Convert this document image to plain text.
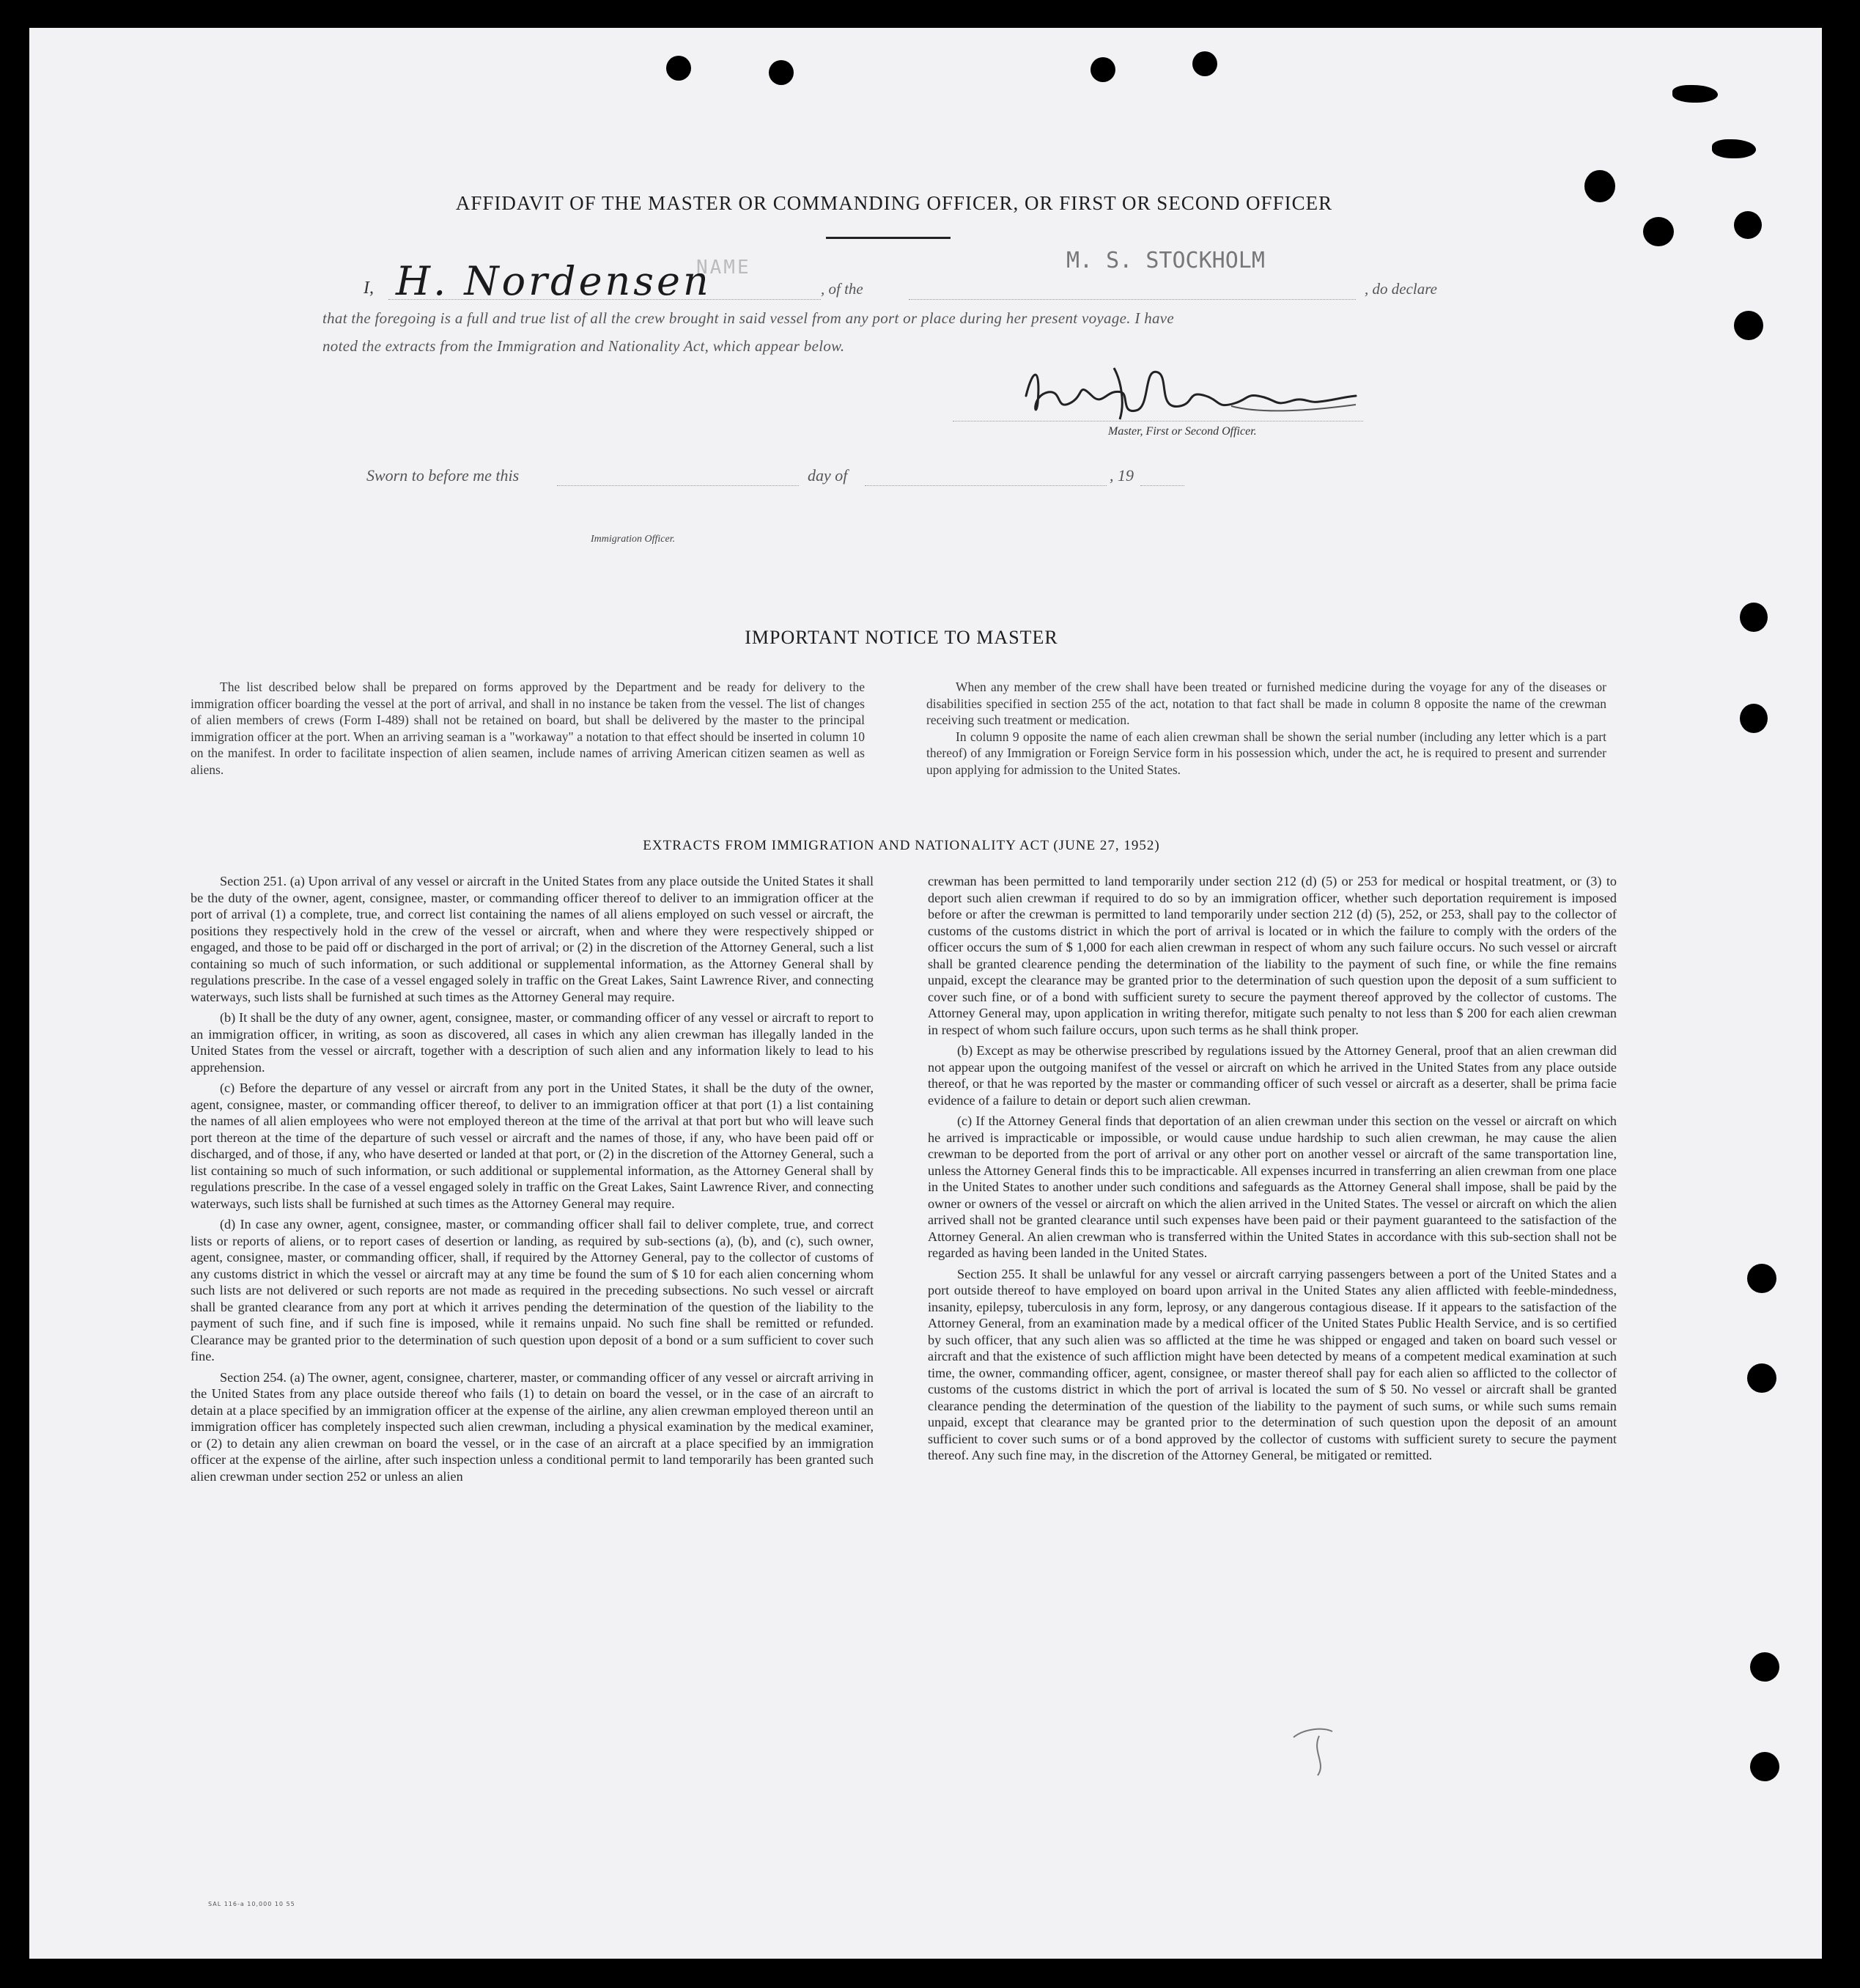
AFFIDAVIT OF THE MASTER OR COMMANDING OFFICER, OR FIRST OR SECOND OFFICER
I, H. Nordensen
NAME
, of the
M. S. STOCKHOLM
, do declare
that the foregoing is a full and true list of all the crew brought in said vessel from any port or place during her present voyage. I have
noted the extracts from the Immigration and Nationality Act, which appear below.
Master, First or Second Officer.
Sworn to before me this	day of	, 19
Immigration Officer.
IMPORTANT NOTICE TO MASTER

The list described below shall be prepared on forms approved by the Department and be ready for delivery to the immigration officer boarding the vessel at the port of arrival, and shall in no instance be taken from the vessel. The list of changes of alien members of crews (Form I-489) shall not be retained on board, but shall be delivered by the master to the principal immigration officer at the port. When an arriving seaman is a "workaway" a notation to that effect should be inserted in column 10 on the manifest. In order to facilitate inspection of alien seamen, include names of arriving American citizen seamen as well as aliens.

When any member of the crew shall have been treated or furnished medicine during the voyage for any of the diseases or disabilities specified in section 255 of the act, notation to that fact shall be made in column 8 opposite the name of the crewman receiving such treatment or medication.

In column 9 opposite the name of each alien crewman shall be shown the serial number (including any letter which is a part thereof) of any Immigration or Foreign Service form in his possession which, under the act, he is required to present and surrender upon applying for admission to the United States.

EXTRACTS FROM IMMIGRATION AND NATIONALITY ACT (JUNE 27, 1952)

Section 251. (a) Upon arrival of any vessel or aircraft in the United States from any place outside the United States it shall be the duty of the owner, agent, consignee, master, or commanding officer thereof to deliver to an immigration officer at the port of arrival (1) a complete, true, and correct list containing the names of all aliens employed on such vessel or aircraft, the positions they respectively hold in the crew of the vessel or aircraft, when and where they were respectively shipped or engaged, and those to be paid off or discharged in the port of arrival; or (2) in the discretion of the Attorney General, such a list containing so much of such information, or such additional or supplemental information, as the Attorney General shall by regulations prescribe. In the case of a vessel engaged solely in traffic on the Great Lakes, Saint Lawrence River, and connecting waterways, such lists shall be furnished at such times as the Attorney General may require.

(b) It shall be the duty of any owner, agent, consignee, master, or commanding officer of any vessel or aircraft to report to an immigration officer, in writing, as soon as discovered, all cases in which any alien crewman has illegally landed in the United States from the vessel or aircraft, together with a description of such alien and any information likely to lead to his apprehension.

(c) Before the departure of any vessel or aircraft from any port in the United States, it shall be the duty of the owner, agent, consignee, master, or commanding officer thereof, to deliver to an immigration officer at that port (1) a list containing the names of all alien employees who were not employed thereon at the time of the arrival at that port but who will leave such port thereon at the time of the departure of such vessel or aircraft and the names of those, if any, who have been paid off or discharged, and of those, if any, who have deserted or landed at that port, or (2) in the discretion of the Attorney General, such a list containing so much of such information, or such additional or supplemental information, as the Attorney General shall by regulations prescribe. In the case of a vessel engaged solely in traffic on the Great Lakes, Saint Lawrence River, and connecting waterways, such lists shall be furnished at such times as the Attorney General may require.

(d) In case any owner, agent, consignee, master, or commanding officer shall fail to deliver complete, true, and correct lists or reports of aliens, or to report cases of desertion or landing, as required by sub-sections (a), (b), and (c), such owner, agent, consignee, master, or commanding officer, shall, if required by the Attorney General, pay to the collector of customs of any customs district in which the vessel or aircraft may at any time be found the sum of $ 10 for each alien concerning whom such lists are not delivered or such reports are not made as required in the preceding subsections. No such vessel or aircraft shall be granted clearance from any port at which it arrives pending the determination of the question of the liability to the payment of such fine, and if such fine is imposed, while it remains unpaid. No such fine shall be remitted or refunded. Clearance may be granted prior to the determination of such question upon deposit of a bond or a sum sufficient to cover such fine.

Section 254. (a) The owner, agent, consignee, charterer, master, or commanding officer of any vessel or aircraft arriving in the United States from any place outside thereof who fails (1) to detain on board the vessel, or in the case of an aircraft to detain at a place specified by an immigration officer at the expense of the airline, any alien crewman employed thereon until an immigration officer has completely inspected such alien crewman, including a physical examination by the medical examiner, or (2) to detain any alien crewman on board the vessel, or in the case of an aircraft at a place specified by an immigration officer at the expense of the airline, after such inspection unless a conditional permit to land temporarily has been granted such alien crewman under section 252 or unless an alien

crewman has been permitted to land temporarily under section 212 (d) (5) or 253 for medical or hospital treatment, or (3) to deport such alien crewman if required to do so by an immigration officer, whether such deportation requirement is imposed before or after the crewman is permitted to land temporarily under section 212 (d) (5), 252, or 253, shall pay to the collector of customs of the customs district in which the port of arrival is located or in which the failure to comply with the orders of the officer occurs the sum of $ 1,000 for each alien crewman in respect of whom any such failure occurs. No such vessel or aircraft shall be granted clearence pending the determination of the liability to the payment of such fine, or while the fine remains unpaid, except the clearance may be granted prior to the determination of such question upon the deposit of a sum sufficient to cover such fine, or of a bond with sufficient surety to secure the payment thereof approved by the collector of customs. The Attorney General may, upon application in writing therefor, mitigate such penalty to not less than $ 200 for each alien crewman in respect of whom such failure occurs, upon such terms as he shall think proper.

(b) Except as may be otherwise prescribed by regulations issued by the Attorney General, proof that an alien crewman did not appear upon the outgoing manifest of the vessel or aircraft on which he arrived in the United States from any place outside thereof, or that he was reported by the master or commanding officer of such vessel or aircraft as a deserter, shall be prima facie evidence of a failure to detain or deport such alien crewman.

(c) If the Attorney General finds that deportation of an alien crewman under this section on the vessel or aircraft on which he arrived is impracticable or impossible, or would cause undue hardship to such alien crewman, he may cause the alien crewman to be deported from the port of arrival or any other port on another vessel or aircraft of the same transportation line, unless the Attorney General finds this to be impracticable. All expenses incurred in transferring an alien crewman from one place in the United States to another under such conditions and safeguards as the Attorney General shall impose, shall be paid by the owner or owners of the vessel or aircraft on which the alien arrived in the United States. The vessel or aircraft on which the alien arrived shall not be granted clearance until such expenses have been paid or their payment guaranteed to the satisfaction of the Attorney General. An alien crewman who is transferred within the United States in accordance with this sub-section shall not be regarded as having been landed in the United States.

Section 255. It shall be unlawful for any vessel or aircraft carrying passengers between a port of the United States and a port outside thereof to have employed on board upon arrival in the United States any alien afflicted with feeble-mindedness, insanity, epilepsy, tuberculosis in any form, leprosy, or any dangerous contagious disease. If it appears to the satisfaction of the Attorney General, from an examination made by a medical officer of the United States Public Health Service, and is so certified by such officer, that any such alien was so afflicted at the time he was shipped or engaged and taken on board such vessel or aircraft and that the existence of such affliction might have been detected by means of a competent medical examination at such time, the owner, commanding officer, agent, consignee, or master thereof shall pay for each alien so afflicted to the collector of customs of the customs district in which the port of arrival is located the sum of $ 50. No vessel or aircraft shall be granted clearance pending the determination of the question of the liability to the payment of such sums, or while such sums remain unpaid, except that clearance may be granted prior to the determination of such question upon the deposit of an amount sufficient to cover such sums or of a bond approved by the collector of customs with sufficient surety to secure the payment thereof. Any such fine may, in the discretion of the Attorney General, be mitigated or remitted.

SAL 116-a 10,000 10 55
